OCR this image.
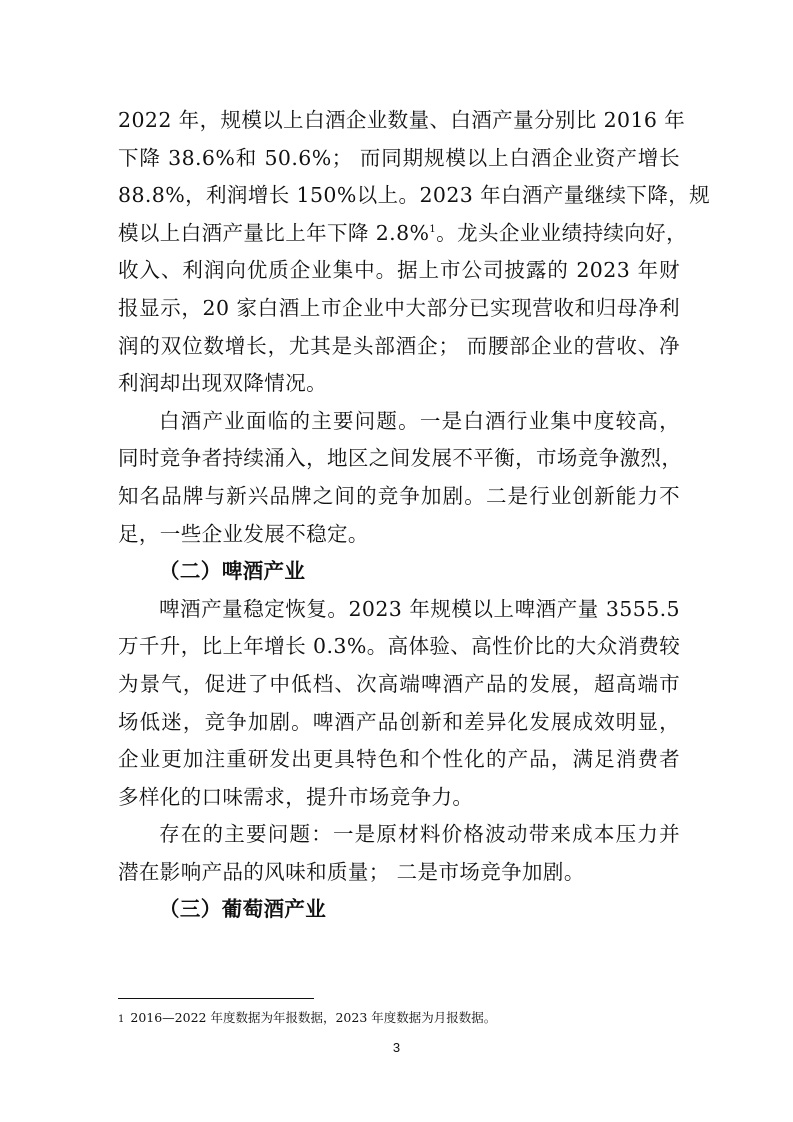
2022 年，规模以上白酒企业数量、白酒产量分别比 2016 年
下降 38.6%和 50.6%； 而同期规模以上白酒企业资产增长
88.8%，利润增长 150%以上。2023 年白酒产量继续下降，规
模以上白酒产量比上年下降 2.8%$^1$。龙头企业业绩持续向好，
收入、利润向优质企业集中。据上市公司披露的 2023 年财
报显示，20 家白酒上市企业中大部分已实现营收和归母净利
润的双位数增长，尤其是头部酒企； 而腰部企业的营收、净
利润却出现双降情况。
白酒产业面临的主要问题。一是白酒行业集中度较高，
同时竞争者持续涌入，地区之间发展不平衡，市场竞争激烈，
知名品牌与新兴品牌之间的竞争加剧。二是行业创新能力不
足，一些企业发展不稳定。
（二）啤酒产业
啤酒产量稳定恢复。2023 年规模以上啤酒产量 3555.5
万千升，比上年增长 0.3%。高体验、高性价比的大众消费较
为景气，促进了中低档、次高端啤酒产品的发展，超高端市
场低迷，竞争加剧。啤酒产品创新和差异化发展成效明显，
企业更加注重研发出更具特色和个性化的产品，满足消费者
多样化的口味需求，提升市场竞争力。
存在的主要问题：一是原材料价格波动带来成本压力并
潜在影响产品的风味和质量； 二是市场竞争加剧。
（三）葡萄酒产业
1 2016—2022 年度数据为年报数据，2023 年度数据为月报数据。
3
